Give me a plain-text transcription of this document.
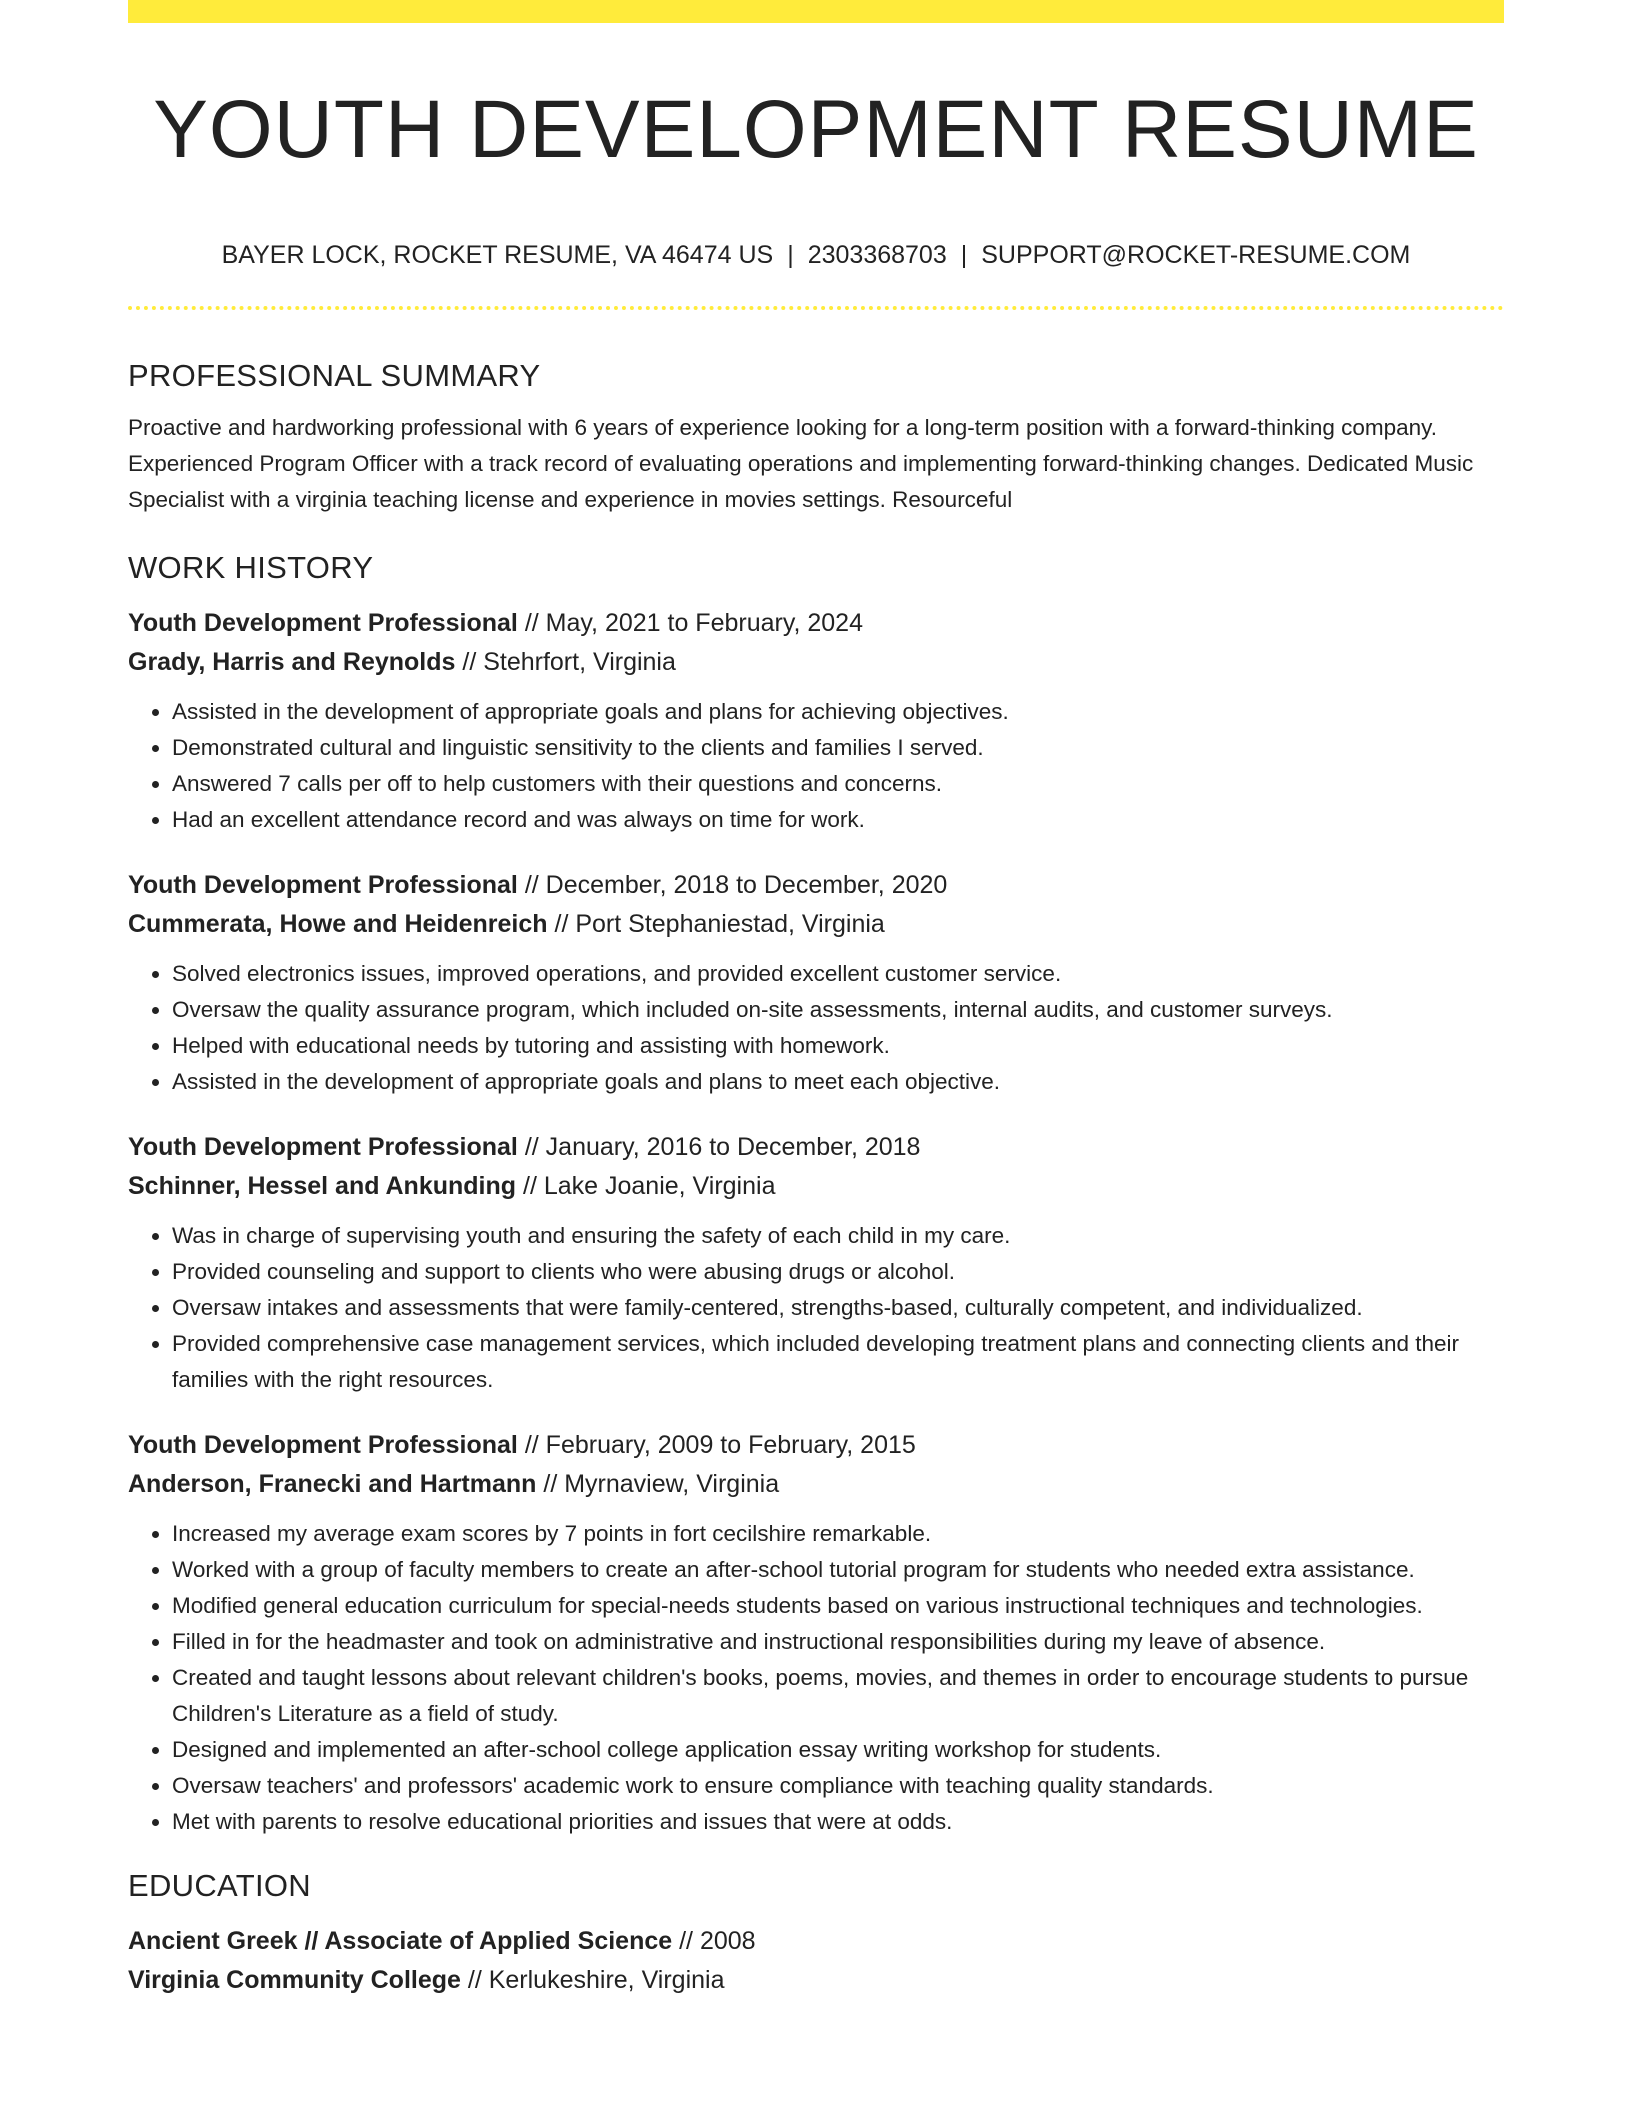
YOUTH DEVELOPMENT RESUME
BAYER LOCK, ROCKET RESUME, VA 46474 US | 2303368703 | SUPPORT@ROCKET-RESUME.COM
PROFESSIONAL SUMMARY
Proactive and hardworking professional with 6 years of experience looking for a long-term position with a forward-thinking company. Experienced Program Officer with a track record of evaluating operations and implementing forward-thinking changes. Dedicated Music Specialist with a virginia teaching license and experience in movies settings. Resourceful
WORK HISTORY
Youth Development Professional // May, 2021 to February, 2024
Grady, Harris and Reynolds // Stehrfort, Virginia
• Assisted in the development of appropriate goals and plans for achieving objectives.
• Demonstrated cultural and linguistic sensitivity to the clients and families I served.
• Answered 7 calls per off to help customers with their questions and concerns.
• Had an excellent attendance record and was always on time for work.
Youth Development Professional // December, 2018 to December, 2020
Cummerata, Howe and Heidenreich // Port Stephaniestad, Virginia
• Solved electronics issues, improved operations, and provided excellent customer service.
• Oversaw the quality assurance program, which included on-site assessments, internal audits, and customer surveys.
• Helped with educational needs by tutoring and assisting with homework.
• Assisted in the development of appropriate goals and plans to meet each objective.
Youth Development Professional // January, 2016 to December, 2018
Schinner, Hessel and Ankunding // Lake Joanie, Virginia
• Was in charge of supervising youth and ensuring the safety of each child in my care.
• Provided counseling and support to clients who were abusing drugs or alcohol.
• Oversaw intakes and assessments that were family-centered, strengths-based, culturally competent, and individualized.
• Provided comprehensive case management services, which included developing treatment plans and connecting clients and their families with the right resources.
Youth Development Professional // February, 2009 to February, 2015
Anderson, Franecki and Hartmann // Myrnaview, Virginia
• Increased my average exam scores by 7 points in fort cecilshire remarkable.
• Worked with a group of faculty members to create an after-school tutorial program for students who needed extra assistance.
• Modified general education curriculum for special-needs students based on various instructional techniques and technologies.
• Filled in for the headmaster and took on administrative and instructional responsibilities during my leave of absence.
• Created and taught lessons about relevant children's books, poems, movies, and themes in order to encourage students to pursue Children's Literature as a field of study.
• Designed and implemented an after-school college application essay writing workshop for students.
• Oversaw teachers' and professors' academic work to ensure compliance with teaching quality standards.
• Met with parents to resolve educational priorities and issues that were at odds.
EDUCATION
Ancient Greek // Associate of Applied Science // 2008
Virginia Community College // Kerlukeshire, Virginia
